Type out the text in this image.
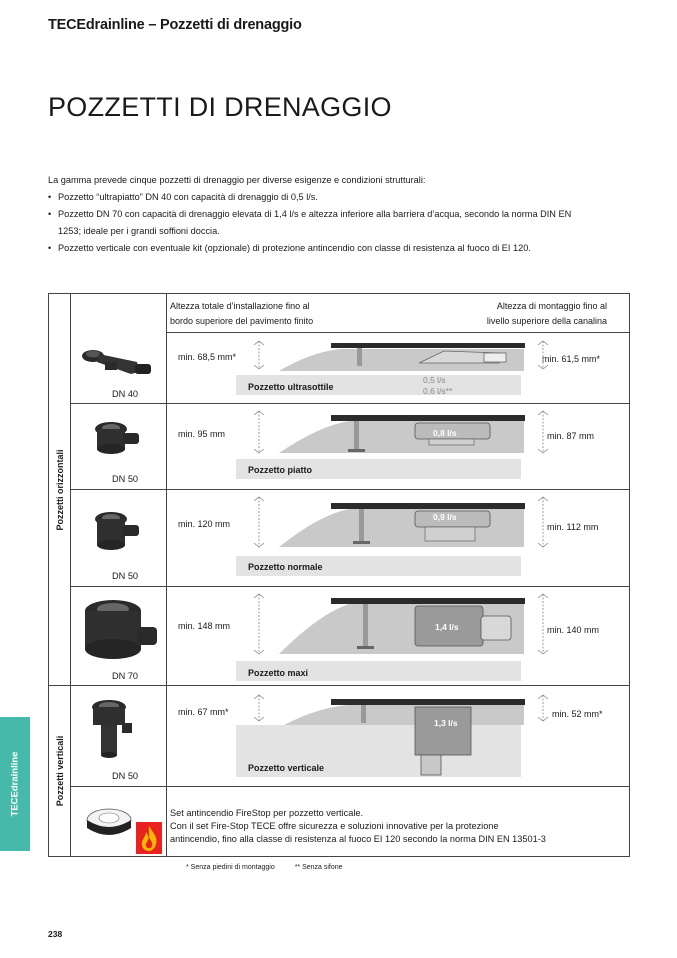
TECEdrainline – Pozzetti di drenaggio
POZZETTI DI DRENAGGIO
La gamma prevede cinque pozzetti di drenaggio per diverse esigenze e condizioni strutturali:
• Pozzetto “ultrapiatto” DN 40 con capacità di drenaggio di 0,5 l/s.
• Pozzetto DN 70 con capacità di drenaggio elevata di 1,4 l/s e altezza inferiore alla barriera d’acqua, secondo la norma DIN EN 1253; ideale per i grandi soffioni doccia.
• Pozzetto verticale con eventuale kit (opzionale) di protezione antincendio con classe di resistenza al fuoco di EI 120.
Pozzetti orizzontali
Pozzetti verticali
Altezza totale d’installazione fino al
bordo superiore del pavimento finito
Altezza di montaggio fino al
livello superiore della canalina
DN 40
min. 68,5 mm*	min. 61,5 mm*
Pozzetto ultrasottile
0,5 l/s
0,6 l/s**
DN 50
min. 95 mm	min. 87 mm
Pozzetto piatto
0,8 l/s
DN 50
min. 120 mm	min. 112 mm
Pozzetto normale
0,9 l/s
DN 70
min. 148 mm	min. 140 mm
Pozzetto maxi
1,4 l/s
DN 50
min. 67 mm*	min. 52 mm*
Pozzetto verticale
1,3 l/s
Set antincendio FireStop per pozzetto verticale.
Con il set Fire-Stop TECE offre sicurezza e soluzioni innovative per la protezione
antincendio, fino alla classe di resistenza al fuoco EI 120 secondo la norma DIN EN 13501-3
* Senza piedini di montaggio	** Senza sifone
TECEdrainline
238
